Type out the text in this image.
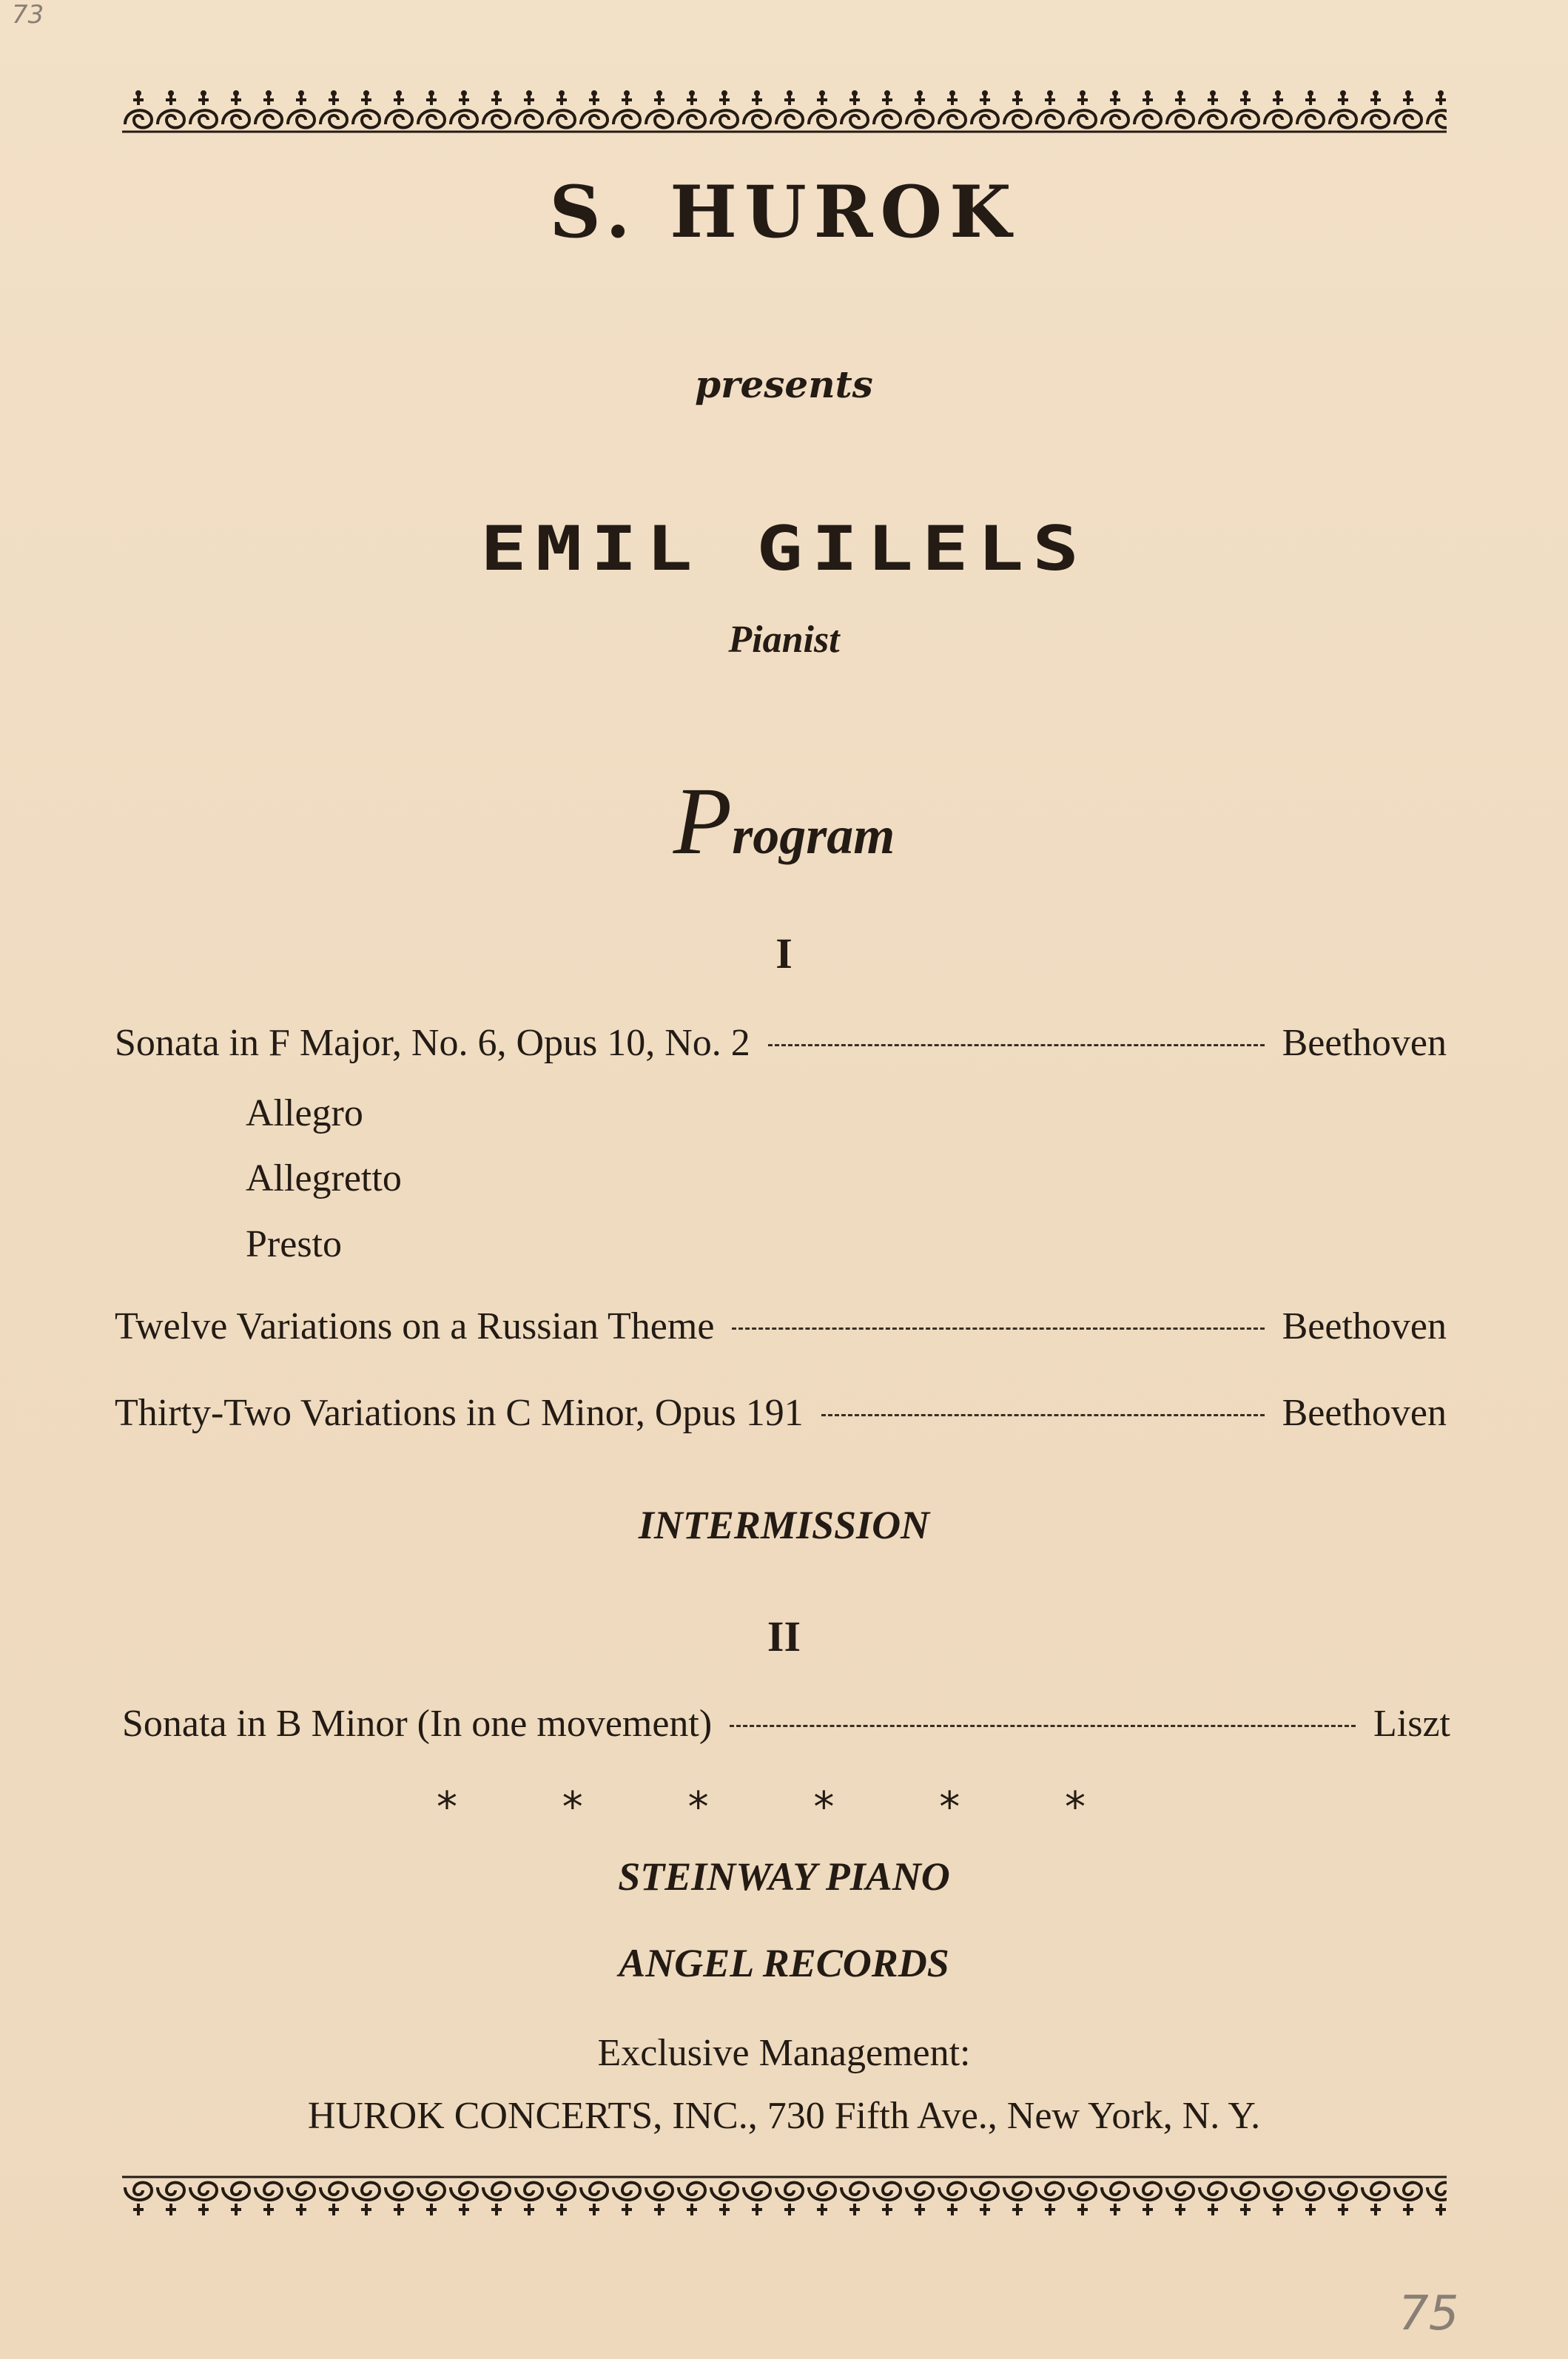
73
S. HUROK
presents
EMIL GILELS
Pianist
Program
I
Sonata in F Major, No. 6, Opus 10, No. 2	Beethoven
Allegro
Allegretto
Presto
Twelve Variations on a Russian Theme	Beethoven
Thirty-Two Variations in C Minor, Opus 191	Beethoven
INTERMISSION
II
Sonata in B Minor (In one movement)	Liszt
* * * * * *
STEINWAY PIANO
ANGEL RECORDS
Exclusive Management:
HUROK CONCERTS, INC., 730 Fifth Ave., New York, N. Y.
75
